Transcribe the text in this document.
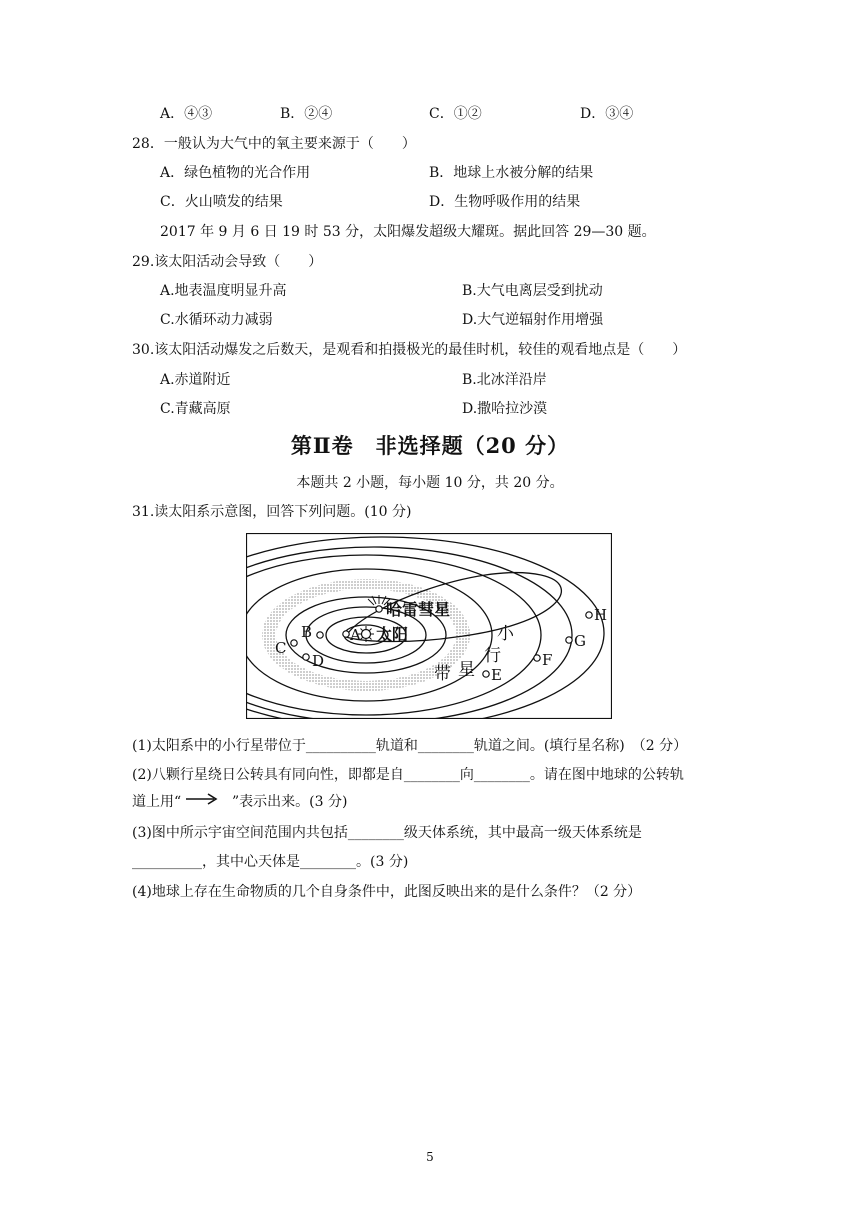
A．④③	B．②④	C．①②	D．③④
28．一般认为大气中的氧主要来源于（　　）
A．绿色植物的光合作用	B．地球上水被分解的结果
C．火山喷发的结果	D．生物呼吸作用的结果
2017 年 9 月 6 日 19 时 53 分，太阳爆发超级大耀斑。据此回答 29—30 题。
29.该太阳活动会导致（　　）
A.地表温度明显升高	B.大气电离层受到扰动
C.水循环动力减弱	D.大气逆辐射作用增强
30.该太阳活动爆发之后数天，是观看和拍摄极光的最佳时机，较佳的观看地点是（　　）
A.赤道附近	B.北冰洋沿岸
C.青藏高原	D.撒哈拉沙漠
第Ⅱ卷　非选择题（20 分）
本题共 2 小题，每小题 10 分，共 20 分。
31.读太阳系示意图，回答下列问题。(10 分)
哈雷彗星
太阳
A
B
C
D
E
F
G
H
小
行
星
带
(1)太阳系中的小行星带位于__________轨道和________轨道之间。(填行星名称)　（2 分）
(2)八颗行星绕日公转具有同向性，即都是自________向________。请在图中地球的公转轨
道上用“	”表示出来。(3 分)
(3)图中所示宇宙空间范围内共包括________级天体系统，其中最高一级天体系统是
__________，其中心天体是________。(3 分)
(4)地球上存在生命物质的几个自身条件中，此图反映出来的是什么条件？（2 分）
5
